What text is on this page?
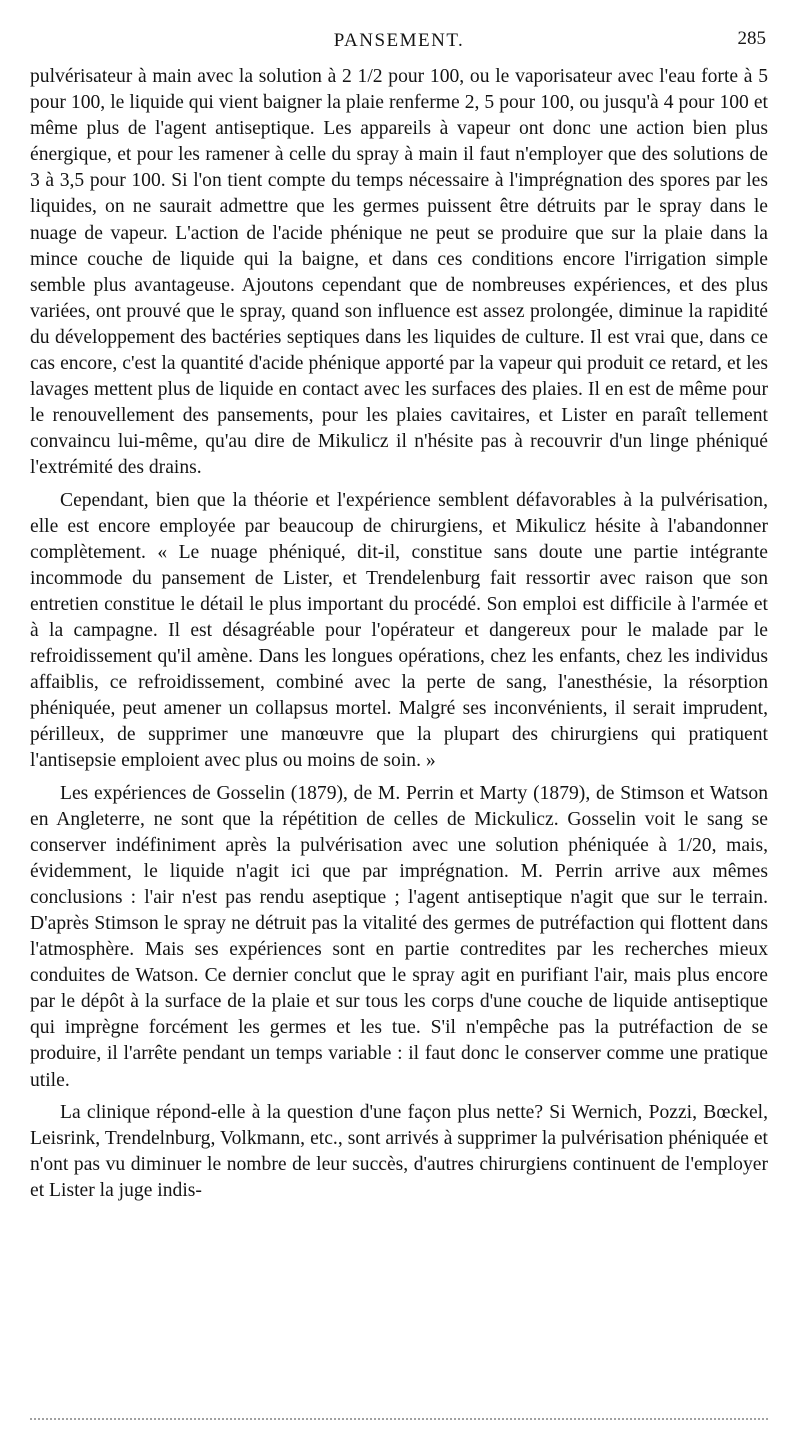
PANSEMENT.	285

pulvérisateur à main avec la solution à 2 1/2 pour 100, ou le vaporisateur avec l'eau forte à 5 pour 100, le liquide qui vient baigner la plaie renferme 2, 5 pour 100, ou jusqu'à 4 pour 100 et même plus de l'agent antiseptique. Les appareils à vapeur ont donc une action bien plus énergique, et pour les ramener à celle du spray à main il faut n'employer que des solutions de 3 à 3,5 pour 100. Si l'on tient compte du temps nécessaire à l'imprégnation des spores par les liquides, on ne saurait admettre que les germes puissent être détruits par le spray dans le nuage de vapeur. L'action de l'acide phénique ne peut se produire que sur la plaie dans la mince couche de liquide qui la baigne, et dans ces conditions encore l'irrigation simple semble plus avantageuse. Ajoutons cependant que de nombreuses expériences, et des plus variées, ont prouvé que le spray, quand son influence est assez prolongée, diminue la rapidité du développement des bactéries septiques dans les liquides de culture. Il est vrai que, dans ce cas encore, c'est la quantité d'acide phénique apporté par la vapeur qui produit ce retard, et les lavages mettent plus de liquide en contact avec les surfaces des plaies. Il en est de même pour le renouvellement des pansements, pour les plaies cavitaires, et Lister en paraît tellement convaincu lui-même, qu'au dire de Mikulicz il n'hésite pas à recouvrir d'un linge phéniqué l'extrémité des drains.

Cependant, bien que la théorie et l'expérience semblent défavorables à la pulvérisation, elle est encore employée par beaucoup de chirurgiens, et Mikulicz hésite à l'abandonner complètement. « Le nuage phéniqué, dit-il, constitue sans doute une partie intégrante incommode du pansement de Lister, et Trendelenburg fait ressortir avec raison que son entretien constitue le détail le plus important du procédé. Son emploi est difficile à l'armée et à la campagne. Il est désagréable pour l'opérateur et dangereux pour le malade par le refroidissement qu'il amène. Dans les longues opérations, chez les enfants, chez les individus affaiblis, ce refroidissement, combiné avec la perte de sang, l'anesthésie, la résorption phéniquée, peut amener un collapsus mortel. Malgré ses inconvénients, il serait imprudent, périlleux, de supprimer une manœuvre que la plupart des chirurgiens qui pratiquent l'antisepsie emploient avec plus ou moins de soin. »

Les expériences de Gosselin (1879), de M. Perrin et Marty (1879), de Stimson et Watson en Angleterre, ne sont que la répétition de celles de Mickulicz. Gosselin voit le sang se conserver indéfiniment après la pulvérisation avec une solution phéniquée à 1/20, mais, évidemment, le liquide n'agit ici que par imprégnation. M. Perrin arrive aux mêmes conclusions : l'air n'est pas rendu aseptique ; l'agent antiseptique n'agit que sur le terrain. D'après Stimson le spray ne détruit pas la vitalité des germes de putréfaction qui flottent dans l'atmosphère. Mais ses expériences sont en partie contredites par les recherches mieux conduites de Watson. Ce dernier conclut que le spray agit en purifiant l'air, mais plus encore par le dépôt à la surface de la plaie et sur tous les corps d'une couche de liquide antiseptique qui imprègne forcément les germes et les tue. S'il n'empêche pas la putréfaction de se produire, il l'arrête pendant un temps variable : il faut donc le conserver comme une pratique utile.

La clinique répond-elle à la question d'une façon plus nette? Si Wernich, Pozzi, Bœckel, Leisrink, Trendelnburg, Volkmann, etc., sont arrivés à supprimer la pulvérisation phéniquée et n'ont pas vu diminuer le nombre de leur succès, d'autres chirurgiens continuent de l'employer et Lister la juge indis-
